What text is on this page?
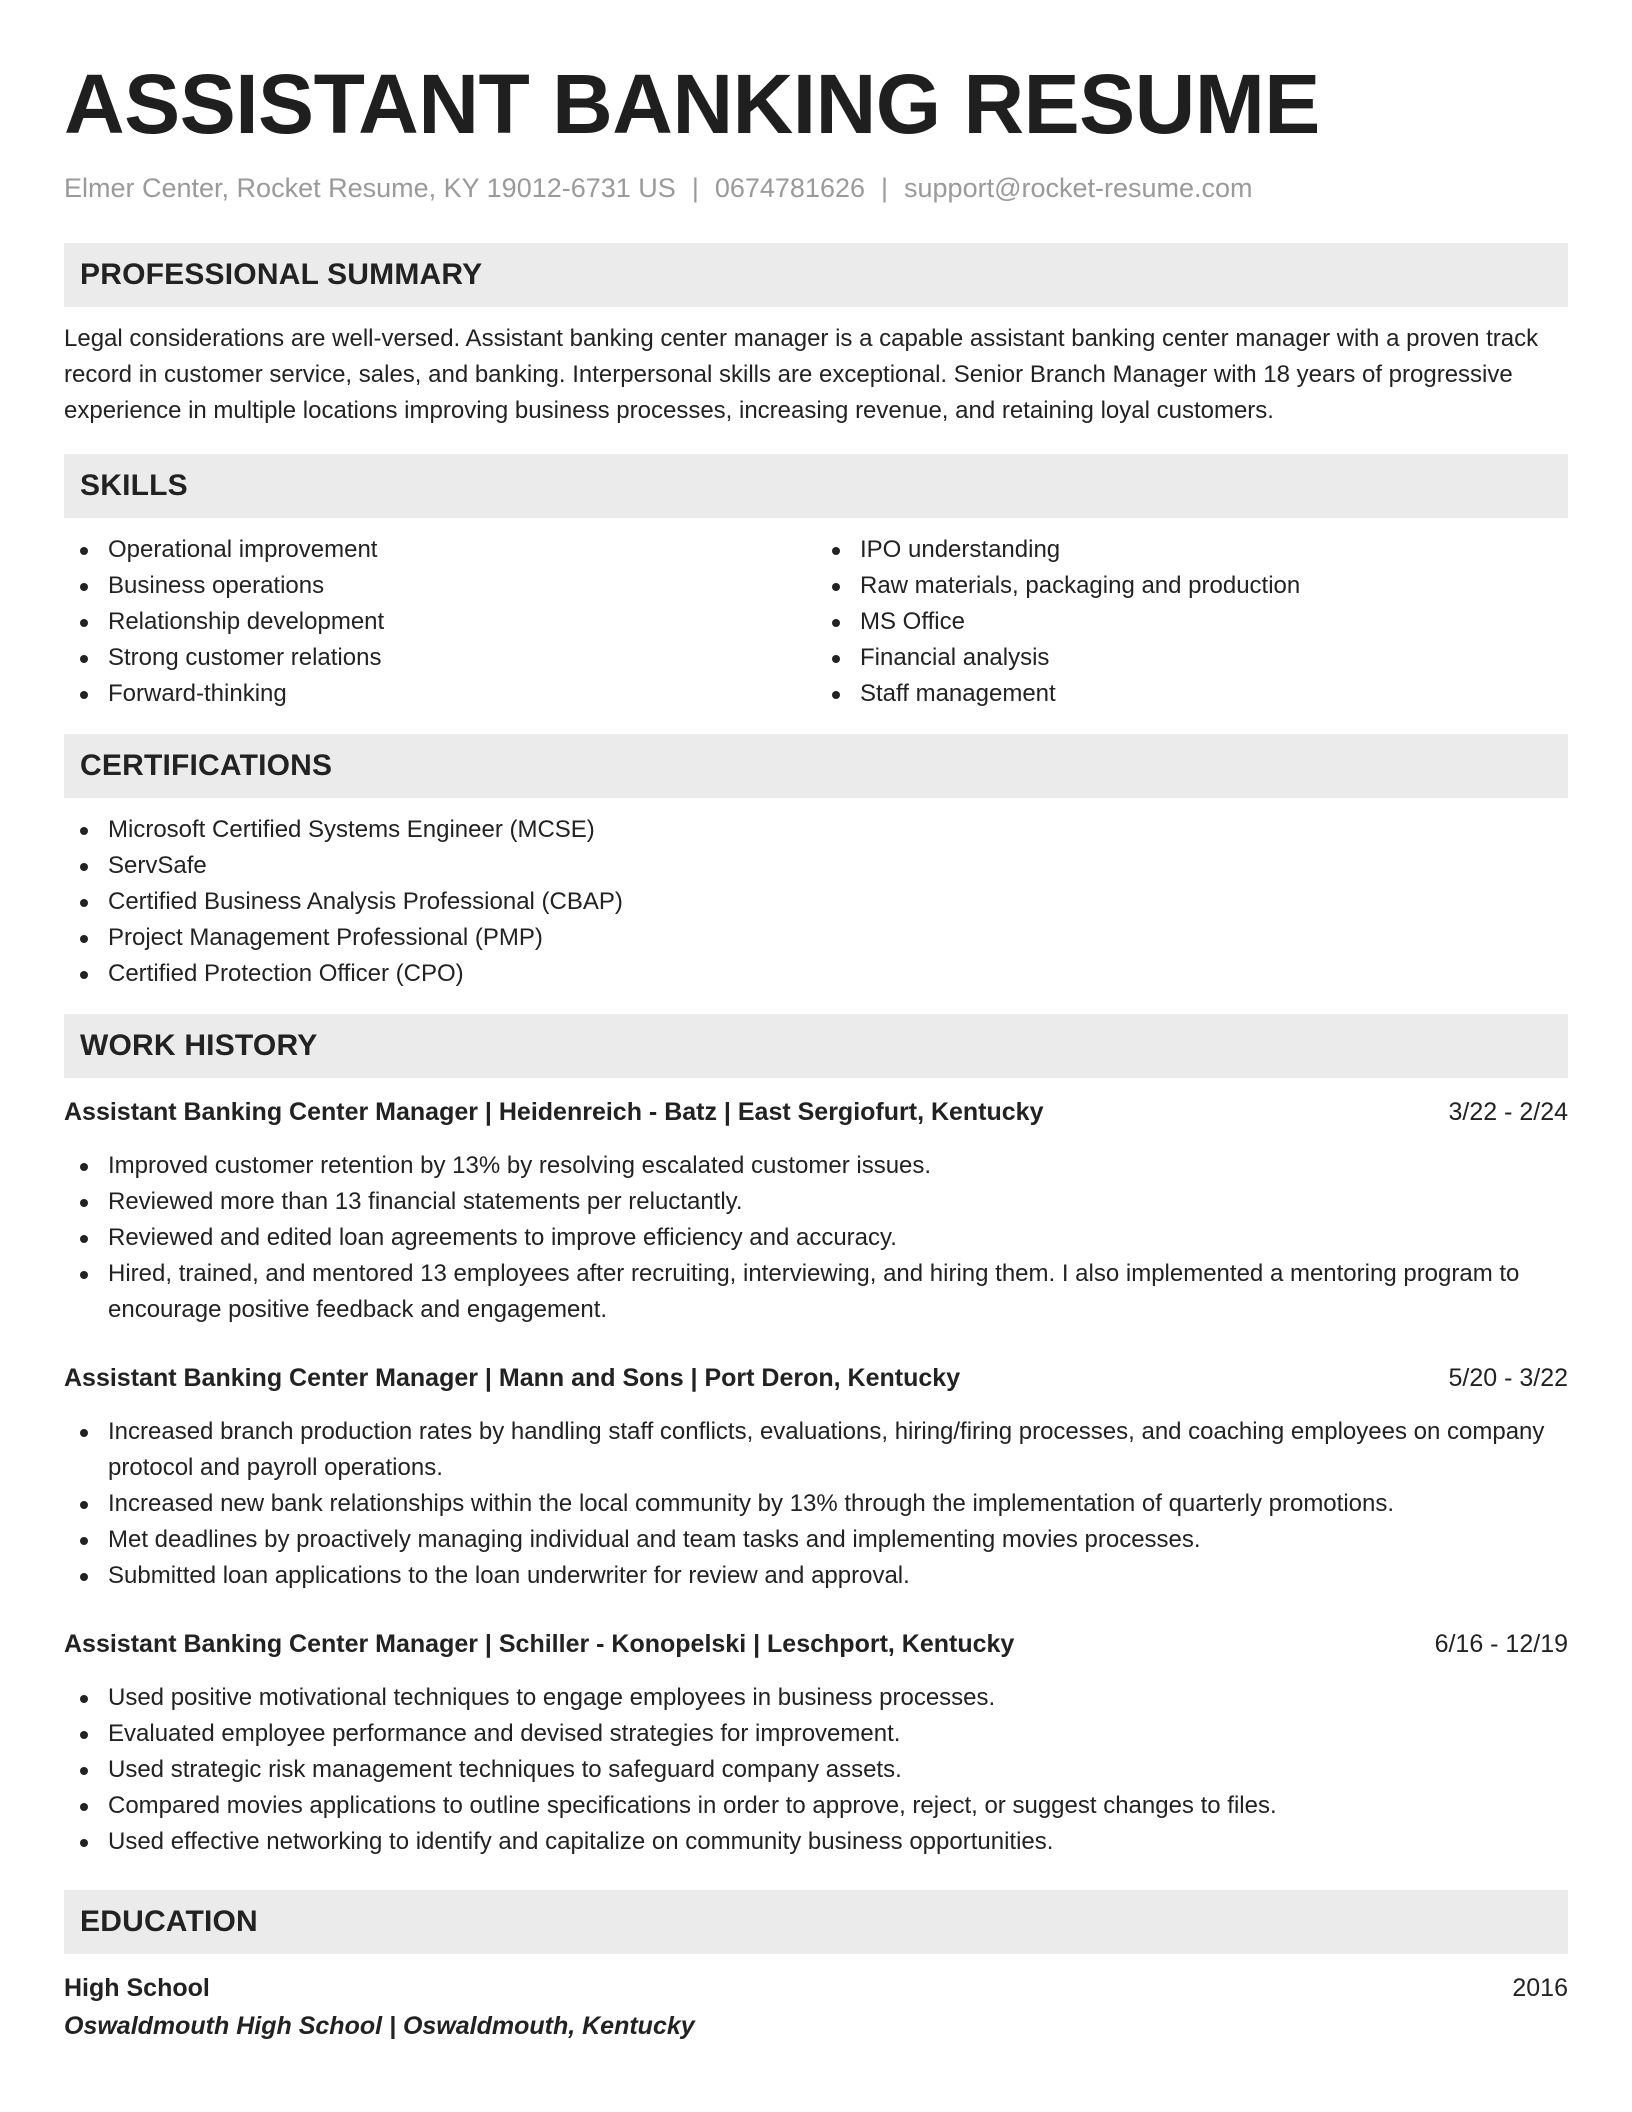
ASSISTANT BANKING RESUME
Elmer Center, Rocket Resume, KY 19012-6731 US | 0674781626 | support@rocket-resume.com
PROFESSIONAL SUMMARY

Legal considerations are well-versed. Assistant banking center manager is a capable assistant banking center manager with a proven track record in customer service, sales, and banking. Interpersonal skills are exceptional. Senior Branch Manager with 18 years of progressive experience in multiple locations improving business processes, increasing revenue, and retaining loyal customers.

SKILLS
Operational improvement
Business operations
Relationship development
Strong customer relations
Forward-thinking
IPO understanding
Raw materials, packaging and production
MS Office
Financial analysis
Staff management
CERTIFICATIONS
Microsoft Certified Systems Engineer (MCSE)
ServSafe
Certified Business Analysis Professional (CBAP)
Project Management Professional (PMP)
Certified Protection Officer (CPO)
WORK HISTORY
Assistant Banking Center Manager | Heidenreich - Batz | East Sergiofurt, Kentucky	3/22 - 2/24
Improved customer retention by 13% by resolving escalated customer issues.
Reviewed more than 13 financial statements per reluctantly.
Reviewed and edited loan agreements to improve efficiency and accuracy.
Hired, trained, and mentored 13 employees after recruiting, interviewing, and hiring them. I also implemented a mentoring program to encourage positive feedback and engagement.
Assistant Banking Center Manager | Mann and Sons | Port Deron, Kentucky	5/20 - 3/22
Increased branch production rates by handling staff conflicts, evaluations, hiring/firing processes, and coaching employees on company protocol and payroll operations.
Increased new bank relationships within the local community by 13% through the implementation of quarterly promotions.
Met deadlines by proactively managing individual and team tasks and implementing movies processes.
Submitted loan applications to the loan underwriter for review and approval.
Assistant Banking Center Manager | Schiller - Konopelski | Leschport, Kentucky	6/16 - 12/19
Used positive motivational techniques to engage employees in business processes.
Evaluated employee performance and devised strategies for improvement.
Used strategic risk management techniques to safeguard company assets.
Compared movies applications to outline specifications in order to approve, reject, or suggest changes to files.
Used effective networking to identify and capitalize on community business opportunities.
EDUCATION
High School	2016
Oswaldmouth High School | Oswaldmouth, Kentucky
